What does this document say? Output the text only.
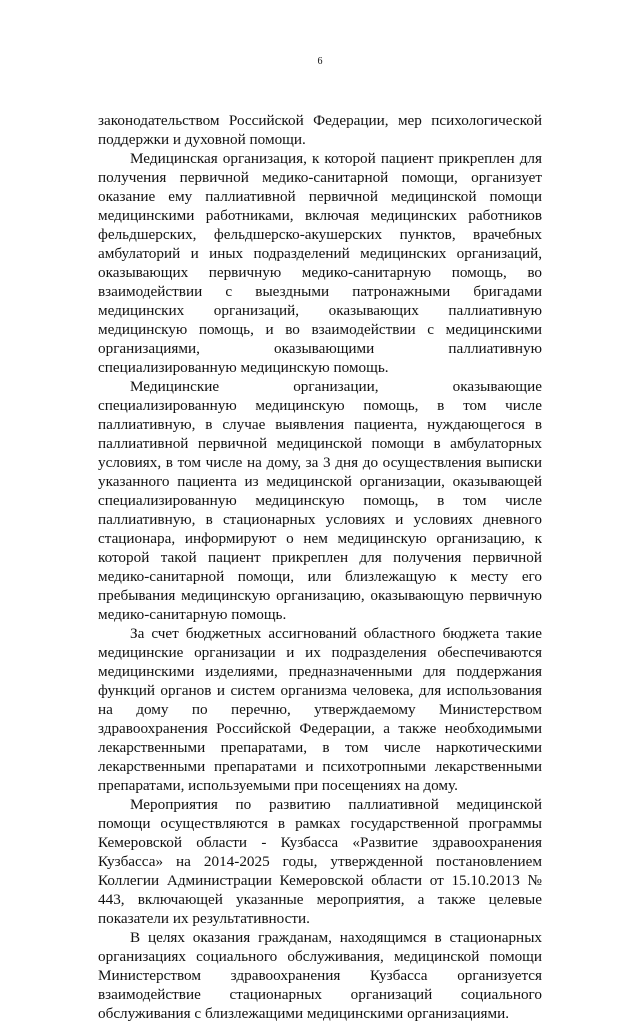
6

законодательством Российской Федерации, мер психологической поддержки и духовной помощи.

Медицинская организация, к которой пациент прикреплен для получения первичной медико-санитарной помощи, организует оказание ему паллиативной первичной медицинской помощи медицинскими работниками, включая медицинских работников фельдшерских, фельдшерско-акушерских пунктов, врачебных амбулаторий и иных подразделений медицинских организаций, оказывающих первичную медико-санитарную помощь, во взаимодействии с выездными патронажными бригадами медицинских организаций, оказывающих паллиативную медицинскую помощь, и во взаимодействии с медицинскими организациями, оказывающими паллиативную специализированную медицинскую помощь.

Медицинские организации, оказывающие специализированную медицинскую помощь, в том числе паллиативную, в случае выявления пациента, нуждающегося в паллиативной первичной медицинской помощи в амбулаторных условиях, в том числе на дому, за 3 дня до осуществления выписки указанного пациента из медицинской организации, оказывающей специализированную медицинскую помощь, в том числе паллиативную, в стационарных условиях и условиях дневного стационара, информируют о нем медицинскую организацию, к которой такой пациент прикреплен для получения первичной медико-санитарной помощи, или близлежащую к месту его пребывания медицинскую организацию, оказывающую первичную медико-санитарную помощь.

За счет бюджетных ассигнований областного бюджета такие медицинские организации и их подразделения обеспечиваются медицинскими изделиями, предназначенными для поддержания функций органов и систем организма человека, для использования на дому по перечню, утверждаемому Министерством здравоохранения Российской Федерации, а также необходимыми лекарственными препаратами, в том числе наркотическими лекарственными препаратами и психотропными лекарственными препаратами, используемыми при посещениях на дому.

Мероприятия по развитию паллиативной медицинской помощи осуществляются в рамках государственной программы Кемеровской области - Кузбасса «Развитие здравоохранения Кузбасса» на 2014-2025 годы, утвержденной постановлением Коллегии Администрации Кемеровской области от 15.10.2013 № 443, включающей указанные мероприятия, а также целевые показатели их результативности.

В целях оказания гражданам, находящимся в стационарных организациях социального обслуживания, медицинской помощи Министерством здравоохранения Кузбасса организуется взаимодействие стационарных организаций социального обслуживания с близлежащими медицинскими организациями.
